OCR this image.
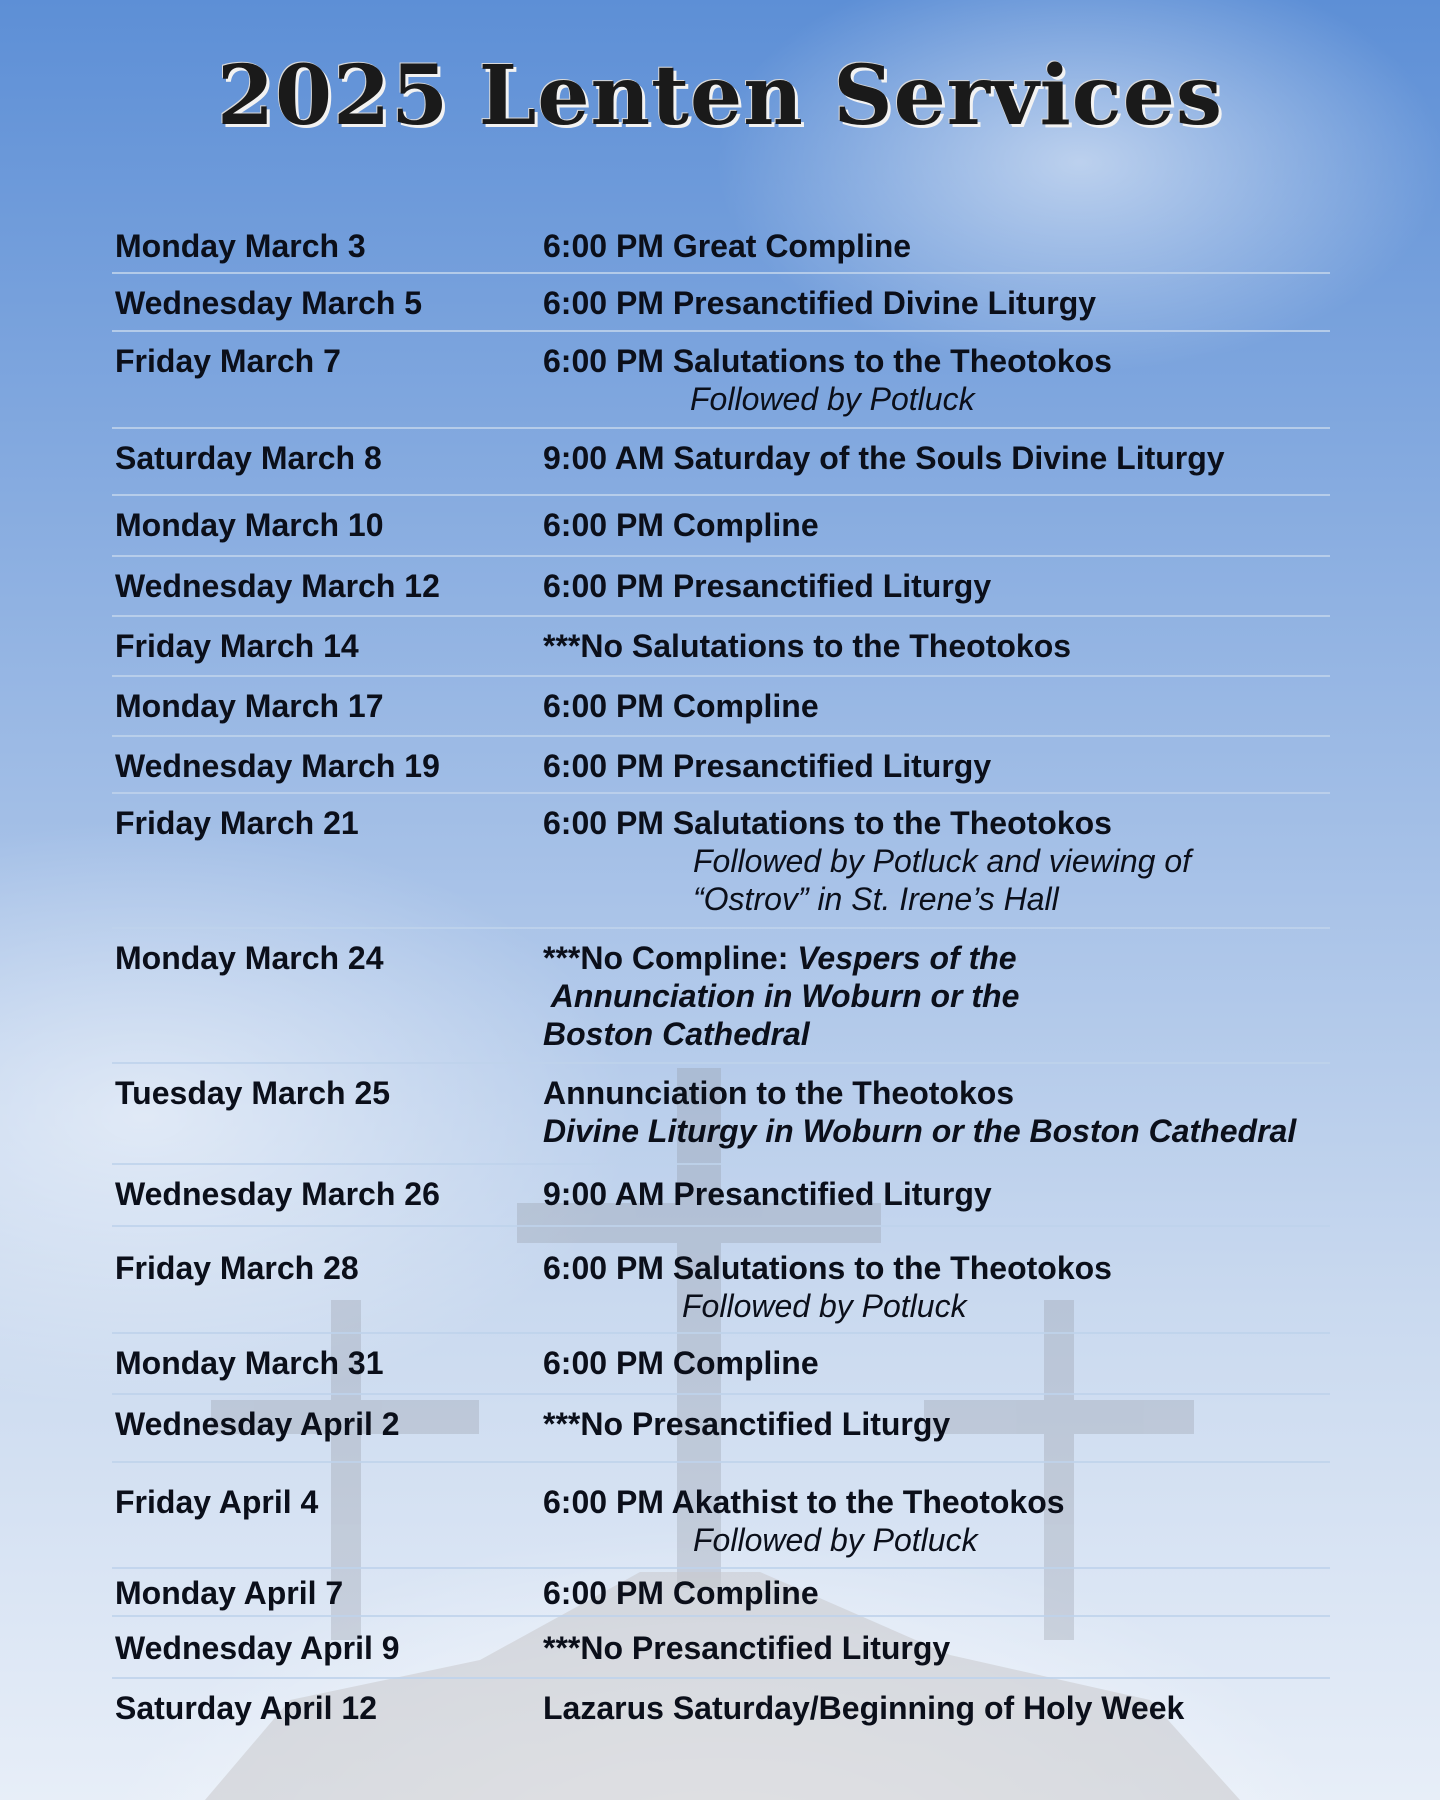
2025 Lenten Services
Monday March 3	6:00 PM Great Compline
Wednesday March 5	6:00 PM Presanctified Divine Liturgy
Friday March 7	6:00 PM Salutations to the Theotokos
Followed by Potluck
Saturday March 8	9:00 AM Saturday of the Souls Divine Liturgy
Monday March 10	6:00 PM Compline
Wednesday March 12	6:00 PM Presanctified Liturgy
Friday March 14	***No Salutations to the Theotokos
Monday March 17	6:00 PM Compline
Wednesday March 19	6:00 PM Presanctified Liturgy
Friday March 21	6:00 PM Salutations to the Theotokos
Followed by Potluck and viewing of
“Ostrov” in St. Irene’s Hall
Monday March 24	***No Compline: Vespers of the
Annunciation in Woburn or the
Boston Cathedral
Tuesday March 25	Annunciation to the Theotokos
Divine Liturgy in Woburn or the Boston Cathedral
Wednesday March 26	9:00 AM Presanctified Liturgy
Friday March 28	6:00 PM Salutations to the Theotokos
Followed by Potluck
Monday March 31	6:00 PM Compline
Wednesday April 2	***No Presanctified Liturgy
Friday April 4	6:00 PM Akathist to the Theotokos
Followed by Potluck
Monday April 7	6:00 PM Compline
Wednesday April 9	***No Presanctified Liturgy
Saturday April 12	Lazarus Saturday/Beginning of Holy Week
